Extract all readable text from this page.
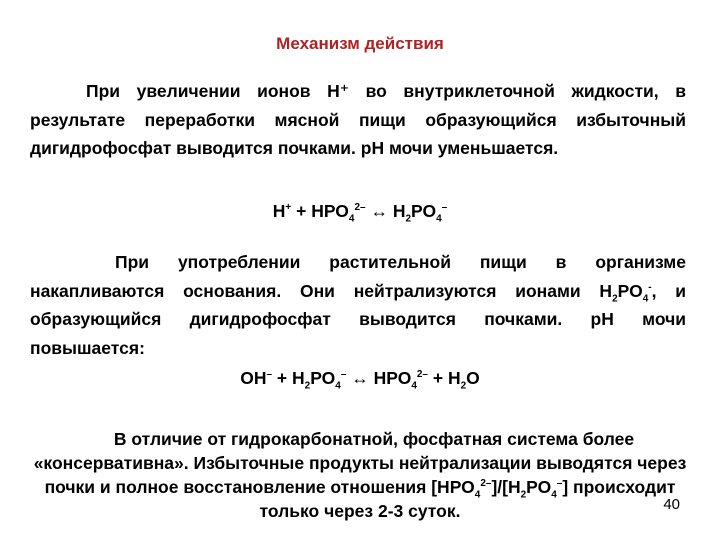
Механизм действия
При увеличении ионов Н⁺ во внутриклеточной жидкости, в результате переработки мясной пищи образующийся избыточный дигидрофосфат выводится почками. рН мочи уменьшается.
$Н^+ + НРО_4^{2-}$ ↔ $Н_2РО_4^-$
При употреблении растительной пищи в организме накапливаются основания. Они нейтрализуются ионами $Н_2РО_4^-$, и образующийся дигидрофосфат выводится почками. рН мочи повышается:
$ОН^- + Н_2РО_4^-$ ↔ $НРО_4^{2-} + Н_2О$
В отличие от гидрокарбонатной, фосфатная система более «консервативна». Избыточные продукты нейтрализации выводятся через почки и полное восстановление отношения $[НРО_4^{2-}]/[Н_2РО_4^-]$ происходит только через 2-3 суток.	40
